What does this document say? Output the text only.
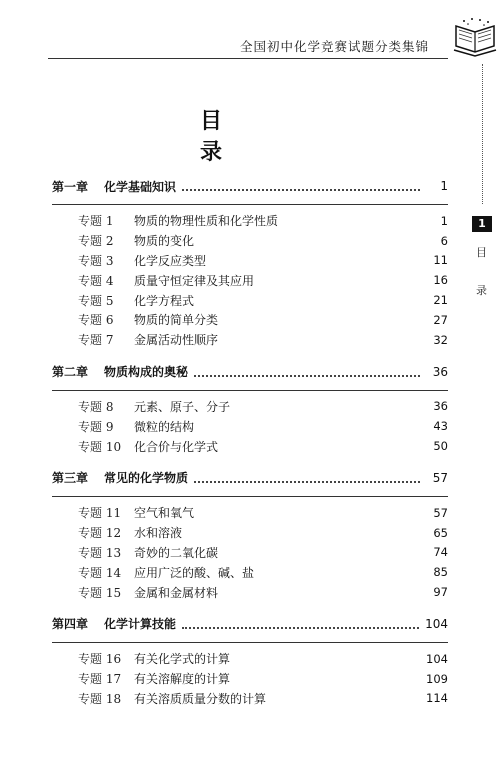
全国初中化学竞赛试题分类集锦
1
目
录
目录
第一章	化学基础知识	1
专题 1	物质的物理性质和化学性质	1
专题 2	物质的变化	6
专题 3	化学反应类型	11
专题 4	质量守恒定律及其应用	16
专题 5	化学方程式	21
专题 6	物质的简单分类	27
专题 7	金属活动性顺序	32
第二章	物质构成的奥秘	36
专题 8	元素、原子、分子	36
专题 9	微粒的结构	43
专题 10	化合价与化学式	50
第三章	常见的化学物质	57
专题 11	空气和氧气	57
专题 12	水和溶液	65
专题 13	奇妙的二氧化碳	74
专题 14	应用广泛的酸、碱、盐	85
专题 15	金属和金属材料	97
第四章	化学计算技能	104
专题 16	有关化学式的计算	104
专题 17	有关溶解度的计算	109
专题 18	有关溶质质量分数的计算	114
